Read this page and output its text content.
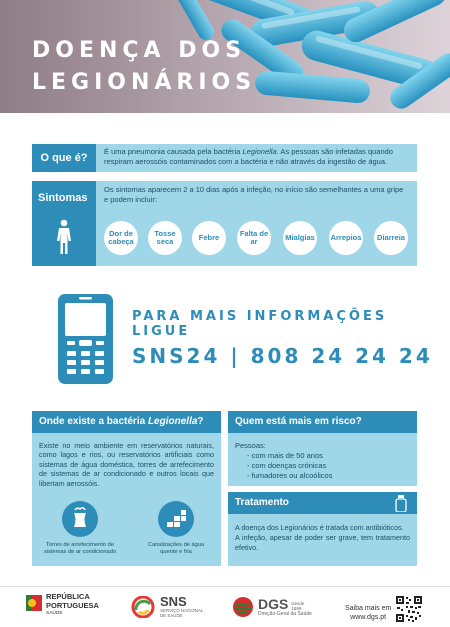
DOENÇA DOS
LEGIONÁRIOS
O que é?
É uma pneumonia causada pela bactéria Legionella. As pessoas são infetadas quando respiram aerossóis contaminados com a bactéria e não através da ingestão de água.
Sintomas
Os sintomas aparecem 2 a 10 dias após a infeção, no início são semelhantes a uma gripe e podem incluir:
Dor de cabeça
Tosse seca	Febre	Falta de ar	Mialgias Arrepios	Diarreia
PARA MAIS INFORMAÇÕES LIGUE
SNS24 | 808 24 24 24
Onde existe a bactéria Legionella?
Existe no meio ambiente em reservatórios naturais, como lagos e rios, ou reservatórios artificiais como sistemas de água doméstica, torres de arrefecimento de sistemas de ar condicionado e outros locais que libertam aerossóis.
Torres de arrefecimento de sistemas de ar condicionado
Canalizações de água quente e fria
Quem está mais em risco?
Pessoas:
- com mais de 50 anos
- com doenças crónicas
- fumadores ou alcoólicos
Tratamento
A doença dos Legionários é tratada com antibióticos.
A infeção, apesar de poder ser grave, tem tratamento efetivo.
REPÚBLICA
PORTUGUESA
SAÚDE
SNS
SERVIÇO NACIONAL
DE SAÚDE
DGS Desde
1899
Direção-Geral da Saúde
Saiba mais em
www.dgs.pt
